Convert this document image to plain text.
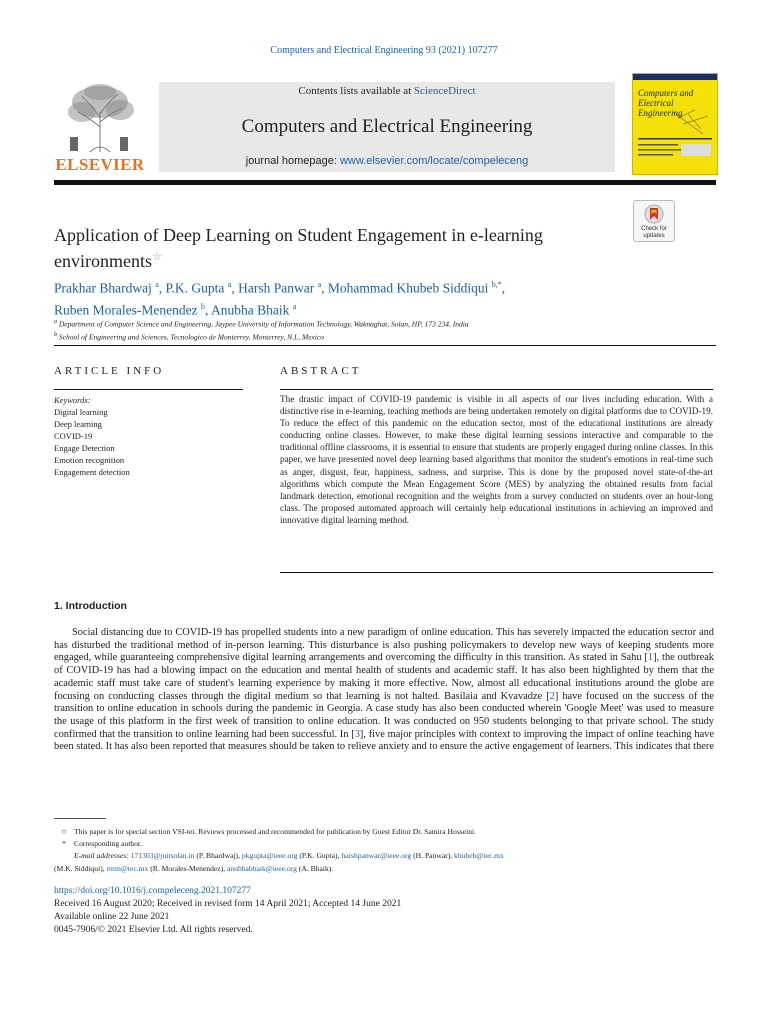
Computers and Electrical Engineering 93 (2021) 107277
ELSEVIER
Contents lists available at ScienceDirect
Computers and Electrical Engineering
journal homepage: www.elsevier.com/locate/compeleceng
Computers and Electrical Engineering
Check for updates
Application of Deep Learning on Student Engagement in e-learning environments☆
Prakhar Bhardwaj $^a$, P.K. Gupta $^a$, Harsh Panwar $^a$, Mohammad Khubeb Siddiqui $^{b,*}$,
Ruben Morales-Menendez $^b$, Anubha Bhaik $^a$
$^a$ Department of Computer Science and Engineering, Jaypee University of Information Technology, Waknaghat, Solan, HP, 173 234, India
$^b$ School of Engineering and Sciences, Tecnologico de Monterrey, Monterrey, N.L, Mexico
ARTICLE INFO
Keywords:
Digital learning
Deep learning
COVID-19
Engage Detection
Emotion recognition
Engagement detection
ABSTRACT
The drastic impact of COVID-19 pandemic is visible in all aspects of our lives including education. With a distinctive rise in e-learning, teaching methods are being undertaken remotely on digital platforms due to COVID-19. To reduce the effect of this pandemic on the education sector, most of the educational institutions are already conducting online classes. However, to make these digital learning sessions interactive and comparable to the traditional offline classrooms, it is essential to ensure that students are properly engaged during online classes. In this paper, we have presented novel deep learning based algorithms that monitor the student's emotions in real-time such as anger, disgust, fear, happiness, sadness, and surprise. This is done by the proposed novel state-of-the-art algorithms which compute the Mean Engagement Score (MES) by analyzing the obtained results from facial landmark detection, emotional recognition and the weights from a survey conducted on students over an hour-long class. The proposed automated approach will certainly help educational institutions in achieving an improved and innovative digital learning method.
1. Introduction

Social distancing due to COVID-19 has propelled students into a new paradigm of online education. This has severely impacted the education sector and has disturbed the traditional method of in-person learning. This disturbance is also pushing policymakers to develop new ways of keeping students more engaged, while guaranteeing comprehensive digital learning arrangements and overcoming the difficulty in this transition. As stated in Sahu [1], the outbreak of COVID-19 has had a blowing impact on the education and mental health of students and academic staff. It has also been highlighted by them that the academic staff must take care of student's learning experience by making it more effective. Now, almost all educational institutions around the globe are focusing on conducting classes through the digital medium so that learning is not halted. Basilaia and Kvavadze [2] have focused on the success of the transition to online education in schools during the pandemic in Georgia. A case study has also been conducted wherein 'Google Meet' was used to measure the usage of this platform in the first week of transition to online education. It was conducted on 950 students belonging to that private school. The study confirmed that the transition to online learning had been successful. In [3], five major principles with context to improving the impact of online teaching have been stated. It has also been reported that measures should be taken to relieve anxiety and to ensure the active engagement of learners. This indicates that there

☆ This paper is for special section VSI-tei. Reviews processed and recommended for publication by Guest Editor Dr. Samira Hosseini.
* Corresponding author.
E-mail addresses: 171303@juitsolan.in (P. Bhardwaj), pkgupta@ieee.org (P.K. Gupta), harshpanwar@ieee.org (H. Panwar), khubeb@tec.mx
(M.K. Siddiqui), rmm@tec.mx (R. Morales-Menendez), anubhabhaik@ieee.org (A. Bhaik).
https://doi.org/10.1016/j.compeleceng.2021.107277
Received 16 August 2020; Received in revised form 14 April 2021; Accepted 14 June 2021
Available online 22 June 2021
0045-7906/© 2021 Elsevier Ltd. All rights reserved.
